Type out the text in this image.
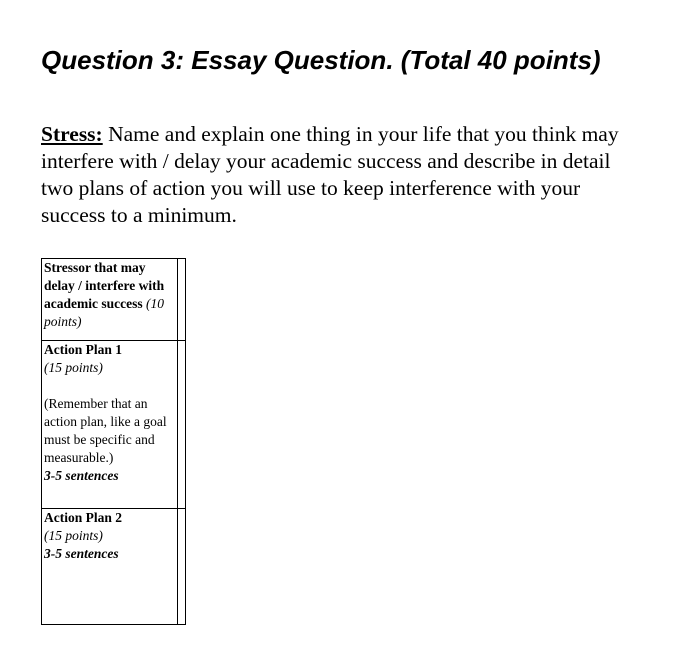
Question 3: Essay Question. (Total 40 points)

Stress: Name and explain one thing in your life that you think may interfere with / delay your academic success and describe in detail two plans of action you will use to keep interference with your success to a minimum.

Stressor that may delay / interfere with academic success (10 points)	

Action Plan 1
(15 points)
(Remember that an action plan, like a goal must be specific and measurable.)
3-5 sentences	

Action Plan 2
(15 points)
3-5 sentences	
